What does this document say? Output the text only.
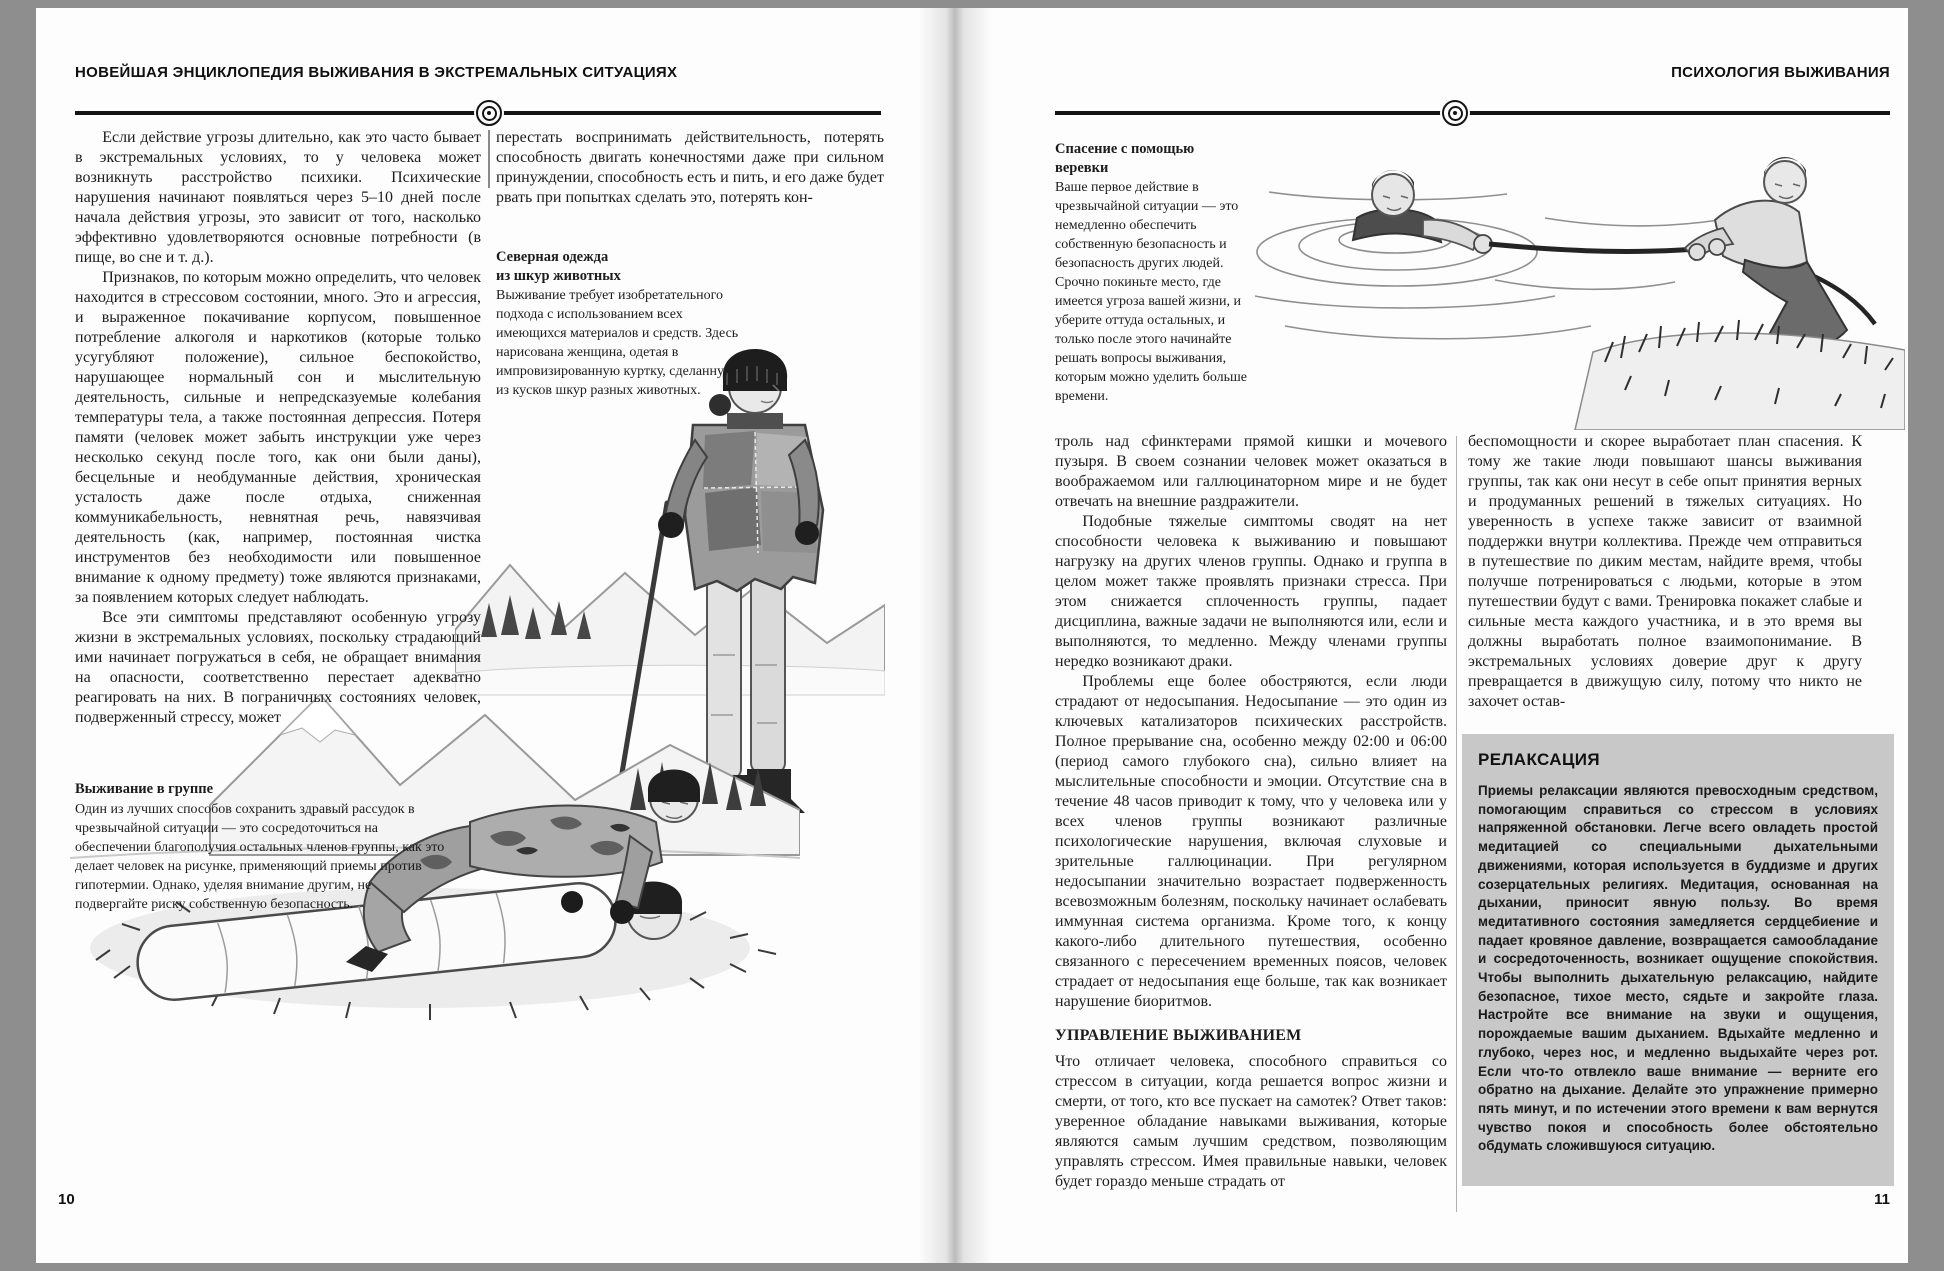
НОВЕЙШАЯ ЭНЦИКЛОПЕДИЯ ВЫЖИВАНИЯ В ЭКСТРЕМАЛЬНЫХ СИТУАЦИЯХ

Если действие угрозы длительно, как это часто бывает в экстремальных условиях, то у человека может возникнуть расстройство психики. Психические нарушения начинают появляться через 5–10 дней после начала действия угрозы, это зависит от того, насколько эффективно удовлетворяются основные потребности (в пище, во сне и т. д.).

Признаков, по которым можно определить, что человек находится в стрессовом состоянии, много. Это и агрессия, и выраженное покачивание корпусом, повышенное потребление алкоголя и наркотиков (которые только усугубляют положение), сильное беспокойство, нарушающее нормальный сон и мыслительную деятельность, сильные и непредсказуемые колебания температуры тела, а также постоянная депрессия. Потеря памяти (человек может забыть инструкции уже через несколько секунд после того, как они были даны), бесцельные и необдуманные действия, хроническая усталость даже после отдыха, сниженная коммуникабельность, невнятная речь, навязчивая деятельность (как, например, постоянная чистка инструментов без необходимости или повышенное внимание к одному предмету) тоже являются признаками, за появлением которых следует наблюдать.

Все эти симптомы представляют особенную угрозу жизни в экстремальных условиях, поскольку страдающий ими начинает погружаться в себя, не обращает внимания на опасности, соответственно перестает адекватно реагировать на них. В пограничных состояниях человек, подверженный стрессу, может

перестать воспринимать действительность, потерять способность двигать конечностями даже при сильном принуждении, способность есть и пить, и его даже будет рвать при попытках сделать это, потерять кон-

Северная одежда
из шкур животных
Выживание требует изобретательного подхода с использованием всех имеющихся материалов и средств. Здесь нарисована женщина, одетая в импровизированную куртку, сделанную из кусков шкур разных животных.
Выживание в группе
Один из лучших способов сохранить здравый рассудок в чрезвычайной ситуации — это сосредоточиться на обеспечении благополучия остальных членов группы, как это делает человек на рисунке, применяющий приемы против гипотермии. Однако, уделяя внимание другим, не подвергайте риску собственную безопасность.
10
ПСИХОЛОГИЯ ВЫЖИВАНИЯ
Спасение с помощью
веревки
Ваше первое действие в чрезвычайной ситуации — это немедленно обеспечить собственную безопасность и безопасность других людей. Срочно покиньте место, где имеется угроза вашей жизни, и уберите оттуда остальных, и только после этого начинайте решать вопросы выживания, которым можно уделить больше времени.

троль над сфинктерами прямой кишки и мочевого пузыря. В своем сознании человек может оказаться в воображаемом или галлюцинаторном мире и не будет отвечать на внешние раздражители.

Подобные тяжелые симптомы сводят на нет способности человека к выживанию и повышают нагрузку на других членов группы. Однако и группа в целом может также проявлять признаки стресса. При этом снижается сплоченность группы, падает дисциплина, важные задачи не выполняются или, если и выполняются, то медленно. Между членами группы нередко возникают драки.

Проблемы еще более обостряются, если люди страдают от недосыпания. Недосыпание — это один из ключевых катализаторов психических расстройств. Полное прерывание сна, особенно между 02:00 и 06:00 (период самого глубокого сна), сильно влияет на мыслительные способности и эмоции. Отсутствие сна в течение 48 часов приводит к тому, что у человека или у всех членов группы возникают различные психологические нарушения, включая слуховые и зрительные галлюцинации. При регулярном недосыпании значительно возрастает подверженность всевозможным болезням, поскольку начинает ослабевать иммунная система организма. Кроме того, к концу какого-либо длительного путешествия, особенно связанного с пересечением временных поясов, человек страдает от недосыпания еще больше, так как возникает нарушение биоритмов.

УПРАВЛЕНИЕ ВЫЖИВАНИЕМ

Что отличает человека, способного справиться со стрессом в ситуации, когда решается вопрос жизни и смерти, от того, кто все пускает на самотек? Ответ таков: уверенное обладание навыками выживания, которые являются самым лучшим средством, позволяющим управлять стрессом. Имея правильные навыки, человек будет гораздо меньше страдать от

беспомощности и скорее выработает план спасения. К тому же такие люди повышают шансы выживания группы, так как они несут в себе опыт принятия верных и продуманных решений в тяжелых ситуациях. Но уверенность в успехе также зависит от взаимной поддержки внутри коллектива. Прежде чем отправиться в путешествие по диким местам, найдите время, чтобы получше потренироваться с людьми, которые в этом путешествии будут с вами. Тренировка покажет слабые и сильные места каждого участника, и в это время вы должны выработать полное взаимопонимание. В экстремальных условиях доверие друг к другу превращается в движущую силу, потому что никто не захочет остав-

РЕЛАКСАЦИЯ
Приемы релаксации являются превосходным средством, помогающим справиться со стрессом в условиях напряженной обстановки. Легче всего овладеть простой медитацией со специальными дыхательными движениями, которая используется в буддизме и других созерцательных религиях. Медитация, основанная на дыхании, приносит явную пользу. Во время медитативного состояния замедляется сердцебиение и падает кровяное давление, возвращается самообладание и сосредоточенность, возникает ощущение спокойствия. Чтобы выполнить дыхательную релаксацию, найдите безопасное, тихое место, сядьте и закройте глаза. Настройте все внимание на звуки и ощущения, порождаемые вашим дыханием. Вдыхайте медленно и глубоко, через нос, и медленно выдыхайте через рот. Если что-то отвлекло ваше внимание — верните его обратно на дыхание. Делайте это упражнение примерно пять минут, и по истечении этого времени к вам вернутся чувство покоя и способность более обстоятельно обдумать сложившуюся ситуацию.
11
